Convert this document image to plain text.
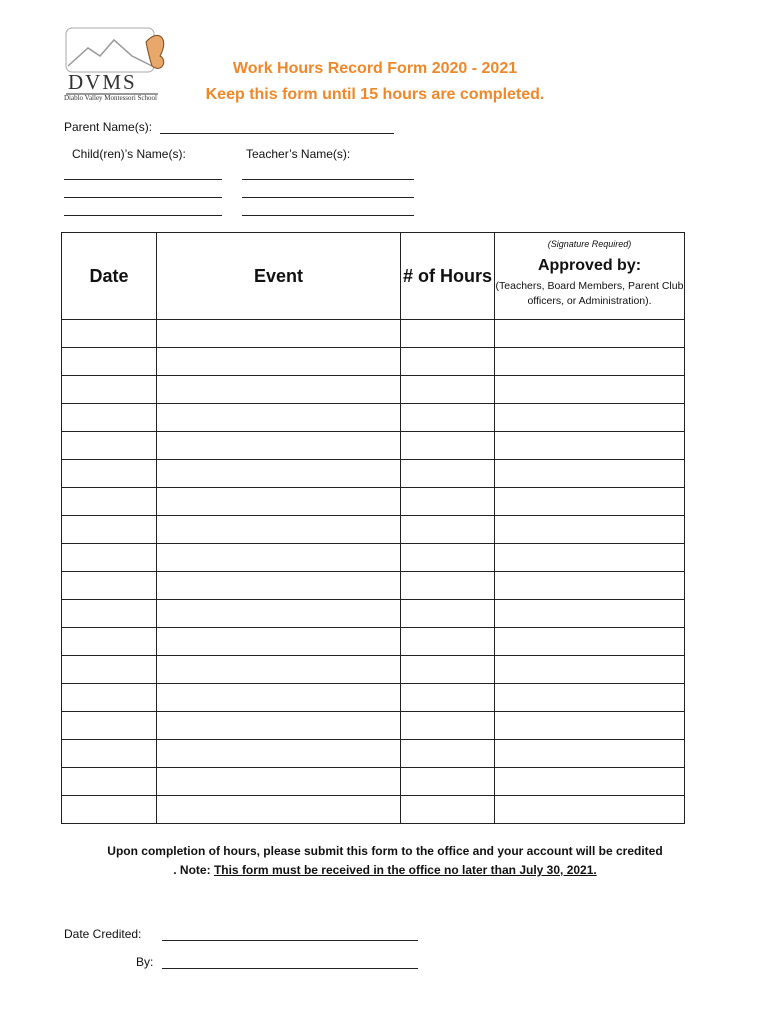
DVMS
Diablo Valley Montessori School
Work Hours Record Form 2020 - 2021
Keep this form until 15 hours are completed.
Parent Name(s):
Child(ren)’s Name(s):	Teacher’s Name(s):
Date	Event	# of Hours	(Signature Required)
Approved by:
(Teachers, Board Members, Parent Club officers, or Administration).

Upon completion of hours, please submit this form to the office and your account will be credited
. Note: This form must be received in the office no later than July 30, 2021.
Date Credited:
By:
